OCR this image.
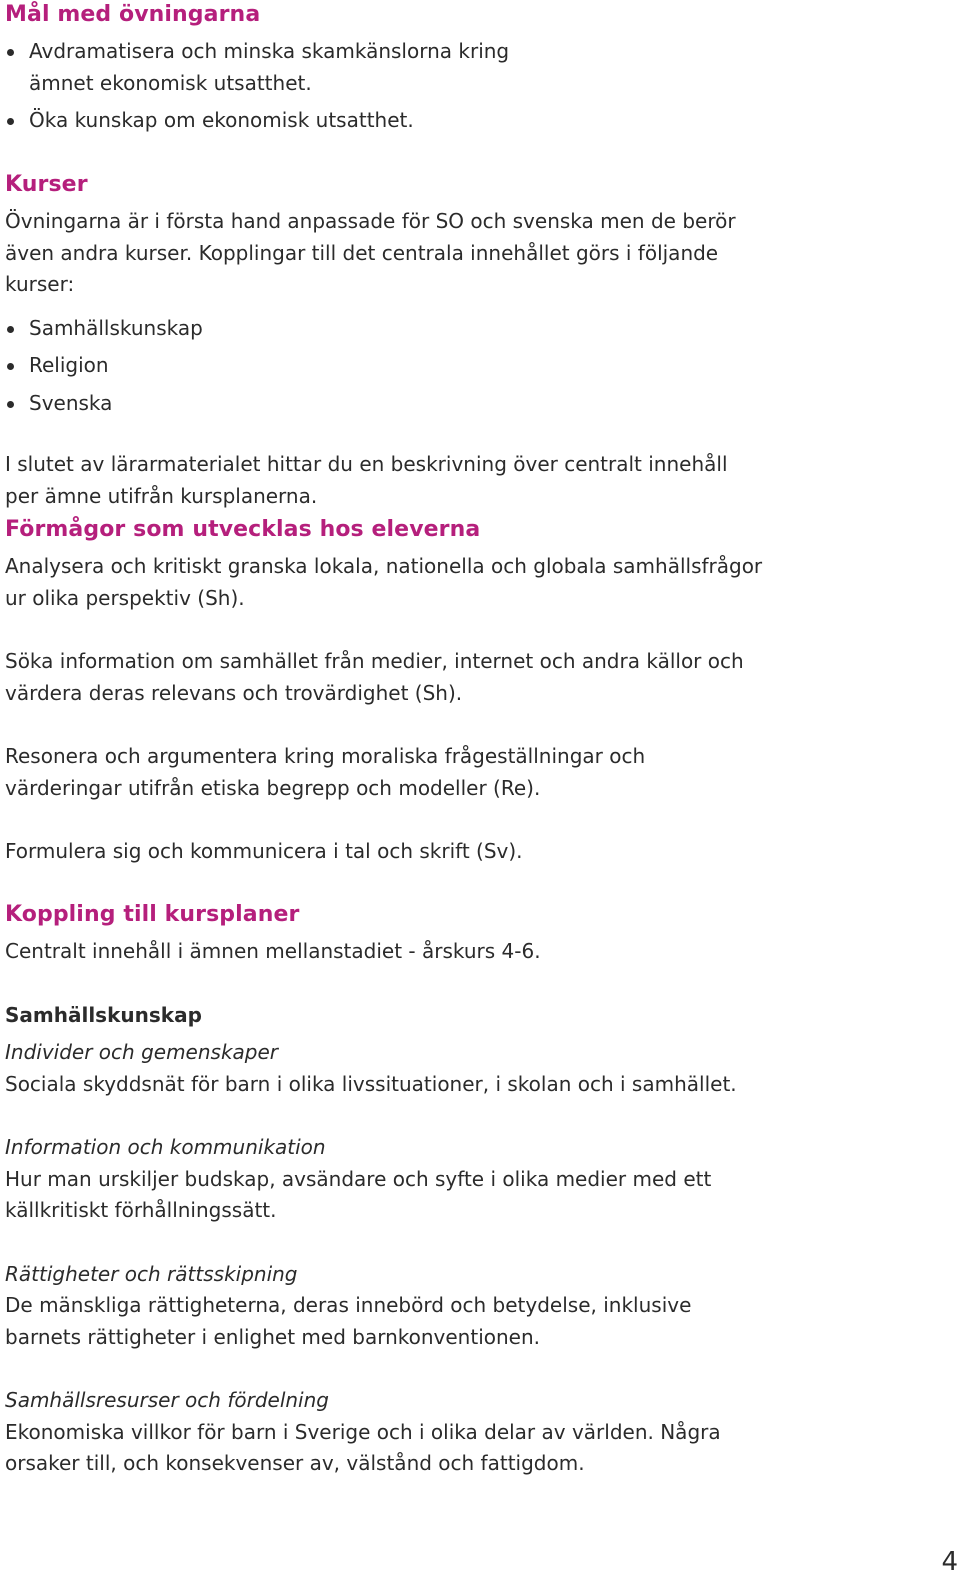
Mål med övningarna
Avdramatisera och minska skamkänslorna kring ämnet ekonomisk utsatthet.
Öka kunskap om ekonomisk utsatthet.
Kurser

Övningarna är i första hand anpassade för SO och svenska men de berör även andra kurser. Kopplingar till det centrala innehållet görs i följande kurser:

Samhällskunskap
Religion
Svenska

I slutet av lärarmaterialet hittar du en beskrivning över centralt innehåll per ämne utifrån kursplanerna.

Förmågor som utvecklas hos eleverna

Analysera och kritiskt granska lokala, nationella och globala samhällsfrågor ur olika perspektiv (Sh).

Söka information om samhället från medier, internet och andra källor och värdera deras relevans och trovärdighet (Sh).

Resonera och argumentera kring moraliska frågeställningar och värderingar utifrån etiska begrepp och modeller (Re).

Formulera sig och kommunicera i tal och skrift (Sv).

Koppling till kursplaner

Centralt innehåll i ämnen mellanstadiet - årskurs 4-6.

Samhällskunskap

Individer och gemenskaper

Sociala skyddsnät för barn i olika livssituationer, i skolan och i samhället.

Information och kommunikation

Hur man urskiljer budskap, avsändare och syfte i olika medier med ett källkritiskt förhållningssätt.

Rättigheter och rättsskipning

De mänskliga rättigheterna, deras innebörd och betydelse, inklusive barnets rättigheter i enlighet med barnkonventionen.

Samhällsresurser och fördelning

Ekonomiska villkor för barn i Sverige och i olika delar av världen. Några orsaker till, och konsekvenser av, välstånd och fattigdom.

4
